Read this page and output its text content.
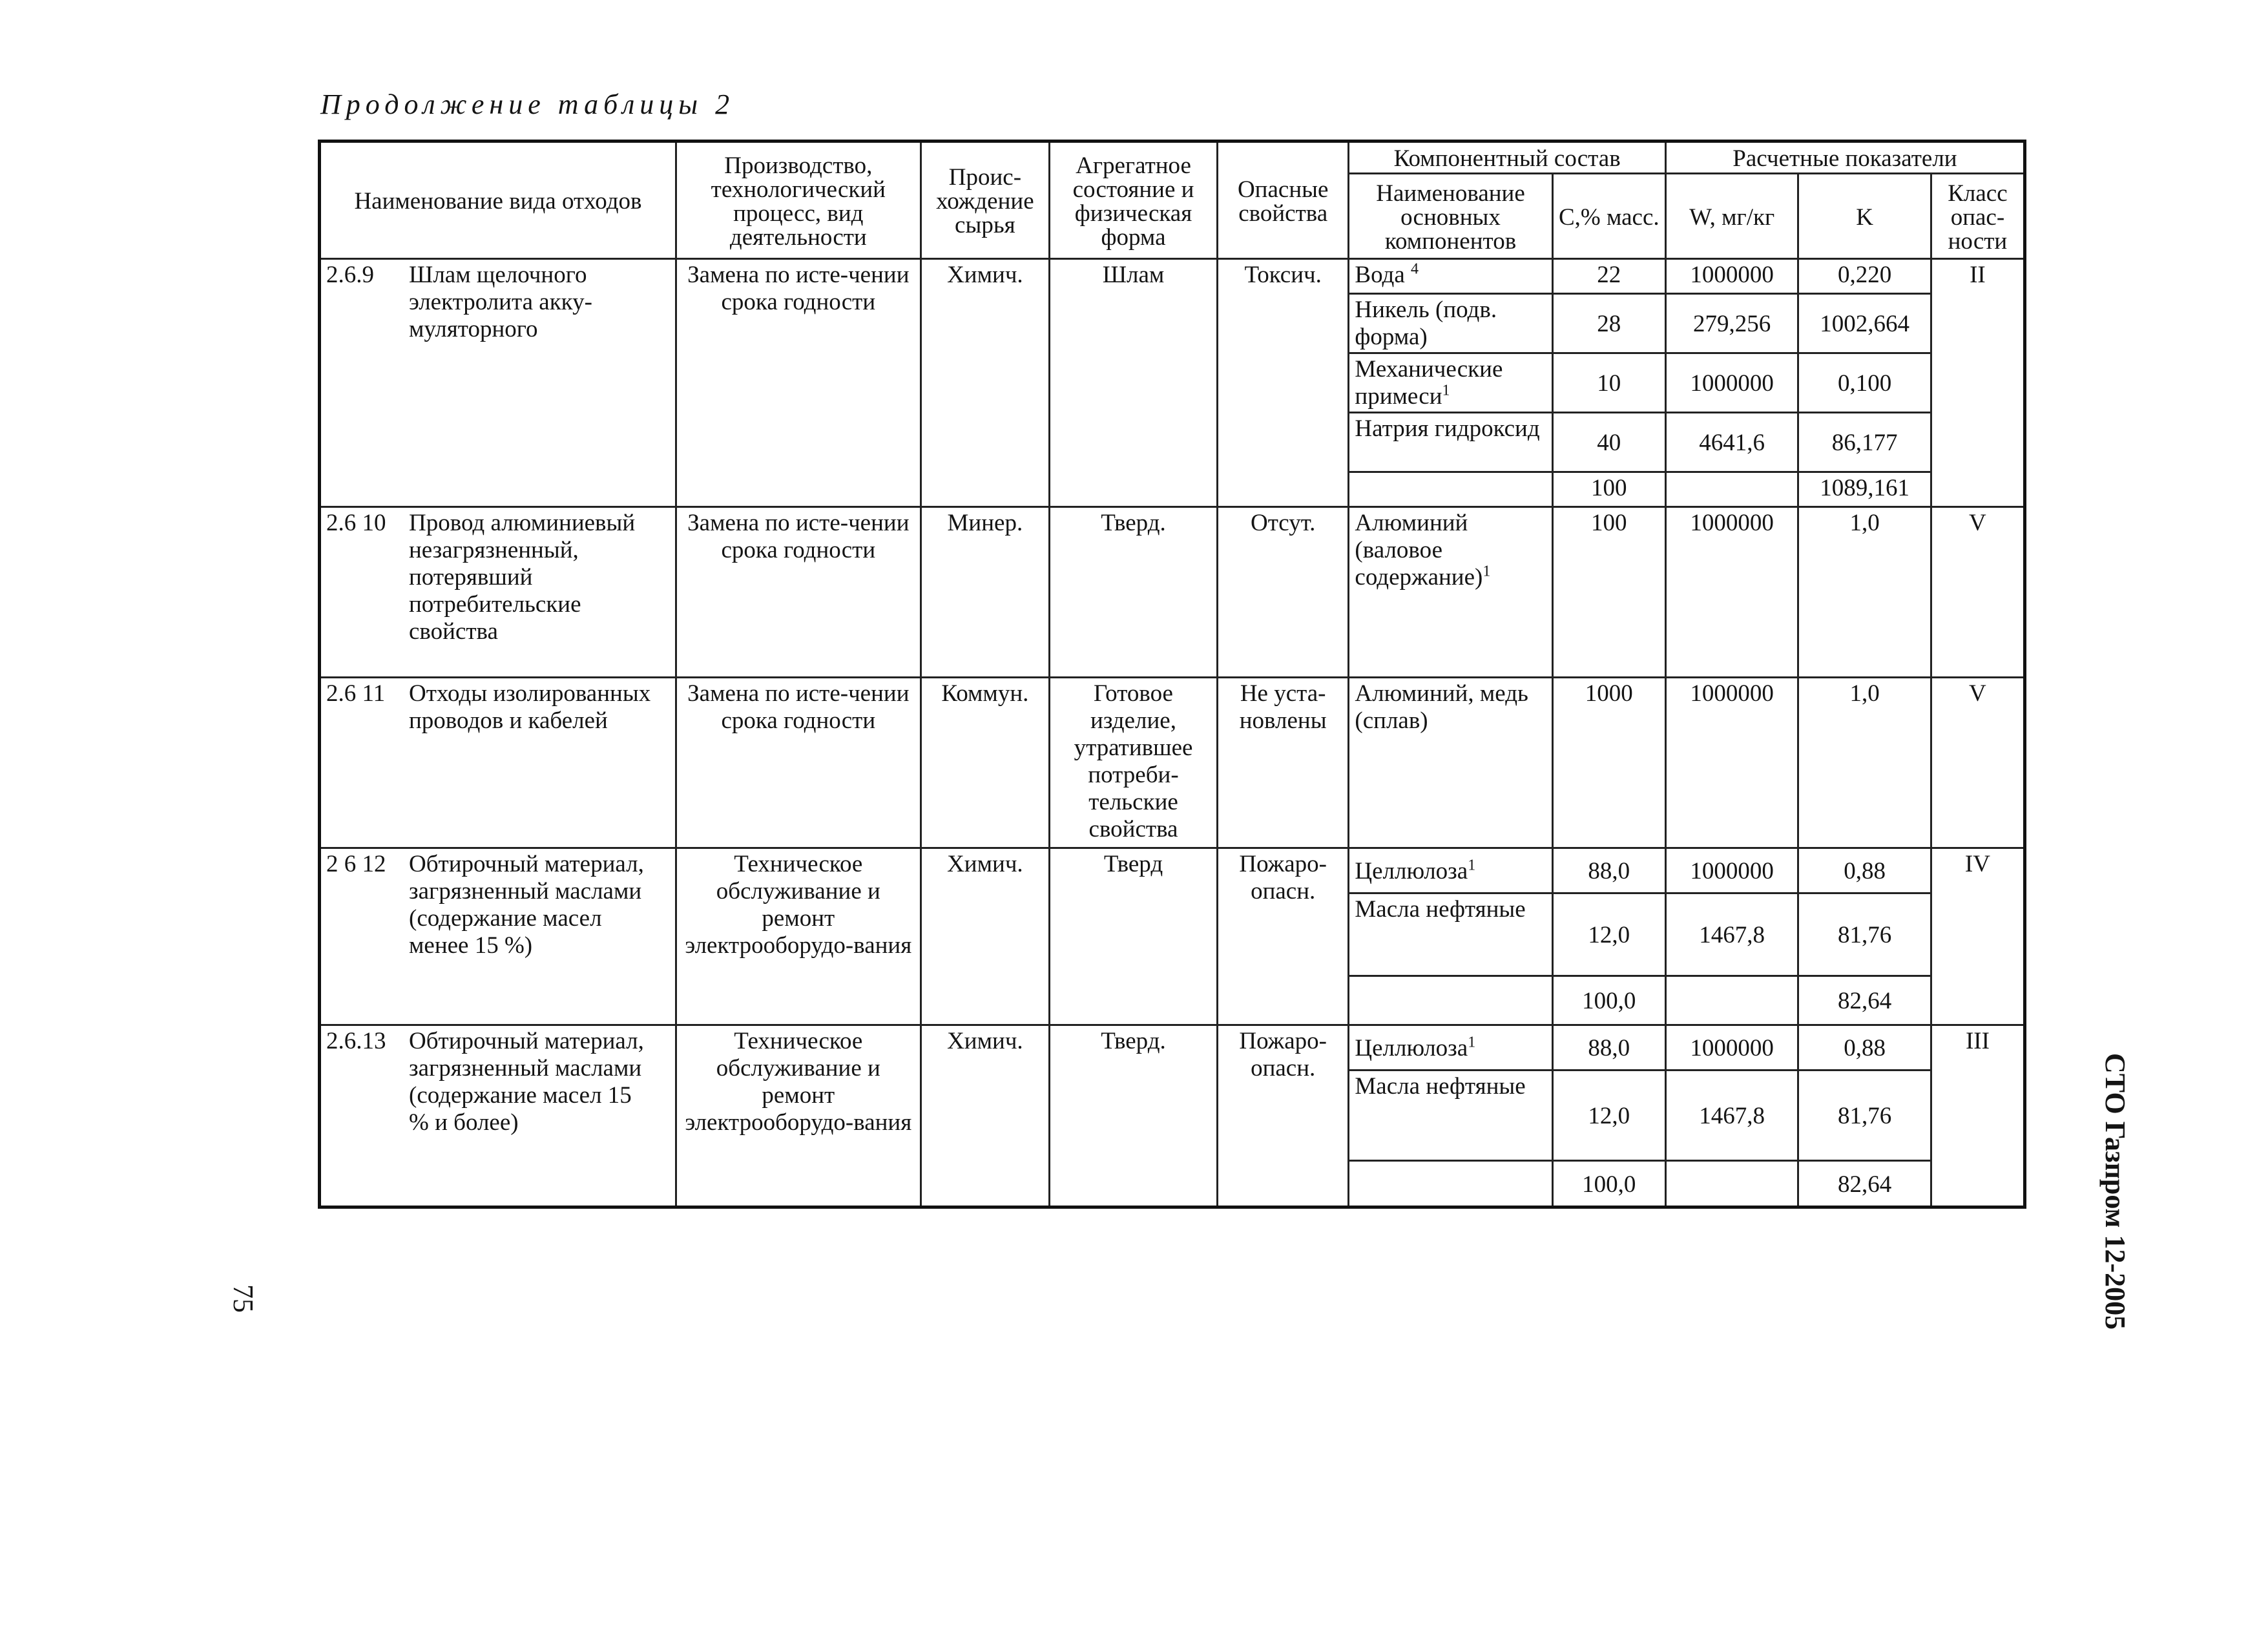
Продолжение таблицы 2
Наименование вида отходов	Производство, технологический процесс, вид деятельности	Проис-хождение сырья	Агрегатное состояние и физическая форма	Опасные свойства	Компонентный состав		Расчетные показатели		
					Наименование основных компонентов	С,% масс.	W, мг/кг	K	Класс опас-ности
2.6.9 Шлам щелочного электролита акку-муляторного	Замена по исте-чении срока годности	Химич.	Шлам	Токсич.	Вода $^4$	22	1000000	0,220	II
					Никель (подв. форма)	28	279,256	1002,664	
					Механические примеси$^1$	10	1000000	0,100	
					Натрия гидроксид	40	4641,6	86,177	
						100		1089,161	
2.6 10 Провод алюминиевый незагрязненный, потерявший потребительские свойства	Замена по исте-чении срока годности	Минер.	Тверд.	Отсут.	Алюминий (валовое содержание)$^1$	100	1000000	1,0	V
2.6 11 Отходы изолированных проводов и кабелей	Замена по исте-чении срока годности	Коммун.	Готовое изделие, утратившее потреби-тельские свойства	Не уста-новлены	Алюминий, медь (сплав)	1000	1000000	1,0	V
2 6 12 Обтирочный материал, загрязненный маслами (содержание масел менее 15 %)	Техническое обслуживание и ремонт электрооборудо-вания	Химич.	Тверд	Пожаро-опасн.	Целлюлоза$^1$	88,0	1000000	0,88	IV
					Масла нефтяные	12,0	1467,8	81,76	
						100,0		82,64	
2.6.13 Обтирочный материал, загрязненный маслами (содержание масел 15 % и более)	Техническое обслуживание и ремонт электрооборудо-вания	Химич.	Тверд.	Пожаро-опасн.	Целлюлоза$^1$	88,0	1000000	0,88	III
					Масла нефтяные	12,0	1467,8	81,76	
						100,0		82,64	
75	СТО Газпром 12-2005
